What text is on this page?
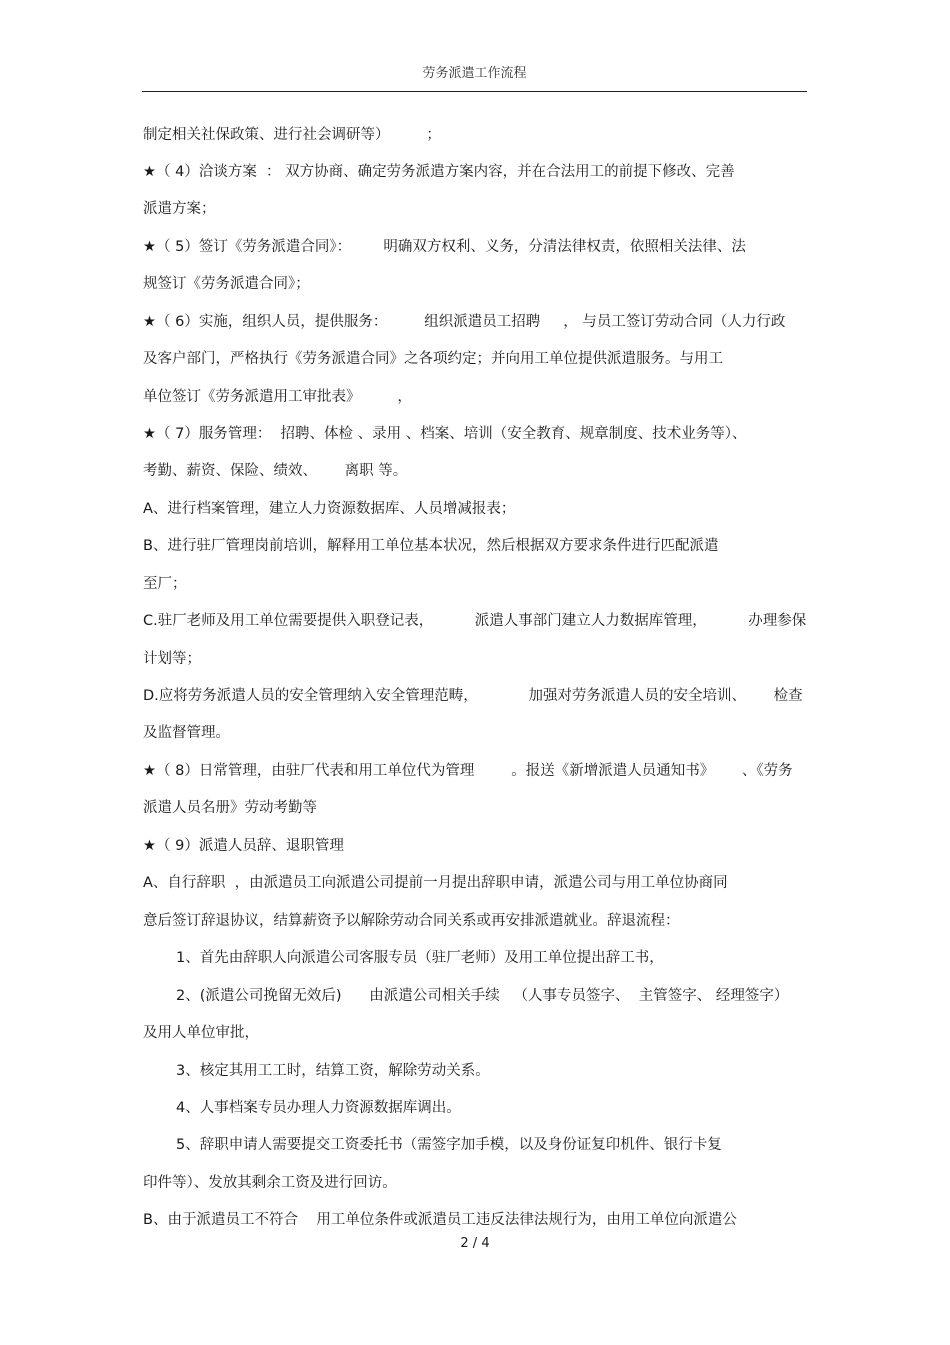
劳务派遣工作流程
制定相关社保政策、进行社会调研等）        ；
★（ 4）洽谈方案  ： 双方协商、确定劳务派遣方案内容，并在合法用工的前提下修改、完善
派遣方案；
★（ 5）签订《劳务派遣合同》：       明确双方权利、义务，分清法律权责，依照相关法律、法
规签订《劳务派遣合同》；
★（ 6）实施，组织人员，提供服务：        组织派遣员工招聘     ， 与员工签订劳动合同（人力行政
及客户部门，严格执行《劳务派遣合同》之各项约定；并向用工单位提供派遣服务。与用工
单位签订《劳务派遣用工审批表》        ，
★（ 7）服务管理：  招聘、体检 、录用 、档案、培训（安全教育、规章制度、技术业务等）、
考勤、薪资、保险、绩效、      离职 等。
A、进行档案管理，建立人力资源数据库、人员增减报表；
B、进行驻厂管理岗前培训，解释用工单位基本状况，然后根据双方要求条件进行匹配派遣
至厂；
C.驻厂老师及用工单位需要提供入职登记表，         派遣人事部门建立人力数据库管理，         办理参保
计划等；
D.应将劳务派遣人员的安全管理纳入安全管理范畴，           加强对劳务派遣人员的安全培训、      检查
及监督管理。
★（ 8）日常管理，由驻厂代表和用工单位代为管理        。报送《新增派遣人员通知书》      、《劳务
派遣人员名册》劳动考勤等
★（ 9）派遣人员辞、退职管理
A、自行辞职  ，由派遣员工向派遣公司提前一月提出辞职申请，派遣公司与用工单位协商同
意后签订辞退协议，结算薪资予以解除劳动合同关系或再安排派遣就业。辞退流程：
1、首先由辞职人向派遣公司客服专员（驻厂老师）及用工单位提出辞工书，
2、(派遣公司挽留无效后)      由派遣公司相关手续   （人事专员签字、  主管签字、 经理签字）
及用人单位审批，
3、核定其用工工时，结算工资，解除劳动关系。
4、人事档案专员办理人力资源数据库调出。
5、辞职申请人需要提交工资委托书（需签字加手模，以及身份证复印机件、银行卡复
印件等）、发放其剩余工资及进行回访。
B、由于派遣员工不符合    用工单位条件或派遣员工违反法律法规行为，由用工单位向派遣公
2 / 4
